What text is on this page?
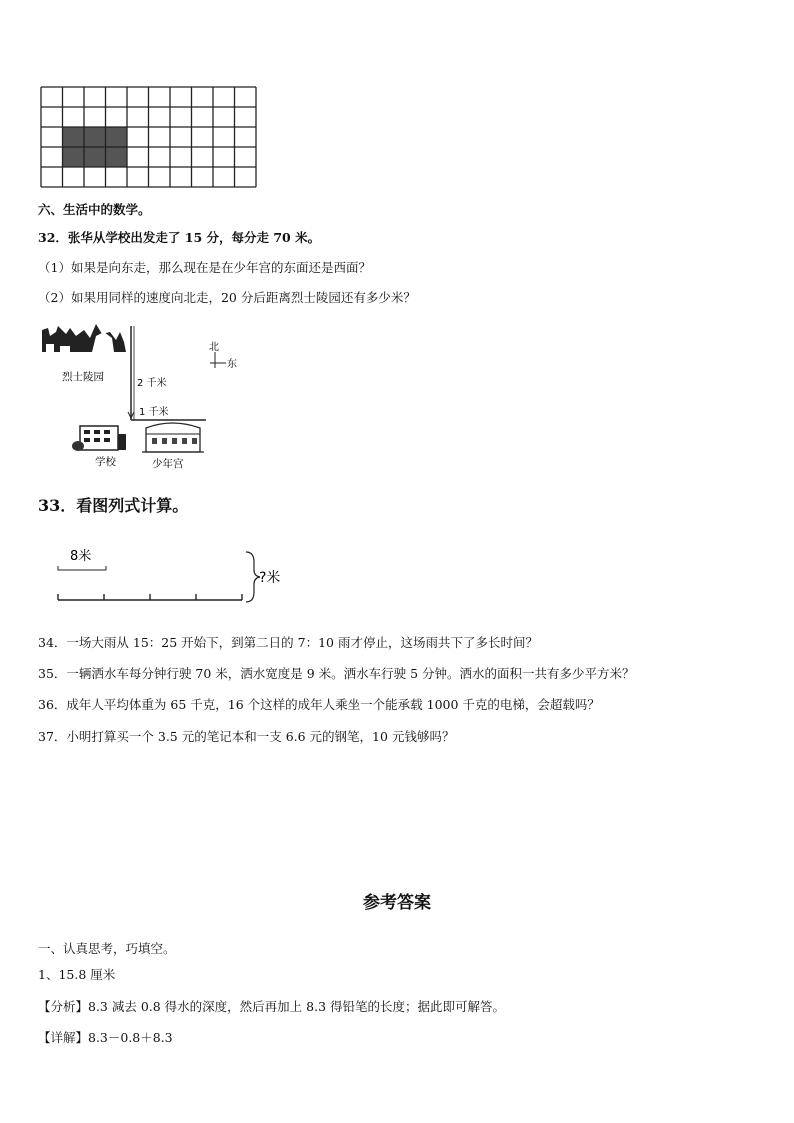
六、生活中的数学。
32．张华从学校出发走了 15 分，每分走 70 米。
（1）如果是向东走，那么现在是在少年宫的东面还是西面？
（2）如果用同样的速度向北走，20 分后距离烈士陵园还有多少米？
烈士陵园
2 千米
1 千米
北
东
学校	少年宫
33．看图列式计算。
8米
?米
34．一场大雨从 15：25 开始下，到第二日的 7：10 雨才停止，这场雨共下了多长时间？
35．一辆洒水车每分钟行驶 70 米，洒水宽度是 9 米。洒水车行驶 5 分钟。洒水的面积一共有多少平方米？
36．成年人平均体重为 65 千克，16 个这样的成年人乘坐一个能承载 1000 千克的电梯，会超载吗？
37．小明打算买一个 3.5 元的笔记本和一支 6.6 元的钢笔，10 元钱够吗？
参考答案
一、认真思考，巧填空。
1、15.8 厘米
【分析】8.3 减去 0.8 得水的深度，然后再加上 8.3 得铅笔的长度；据此即可解答。
【详解】8.3－0.8＋8.3
